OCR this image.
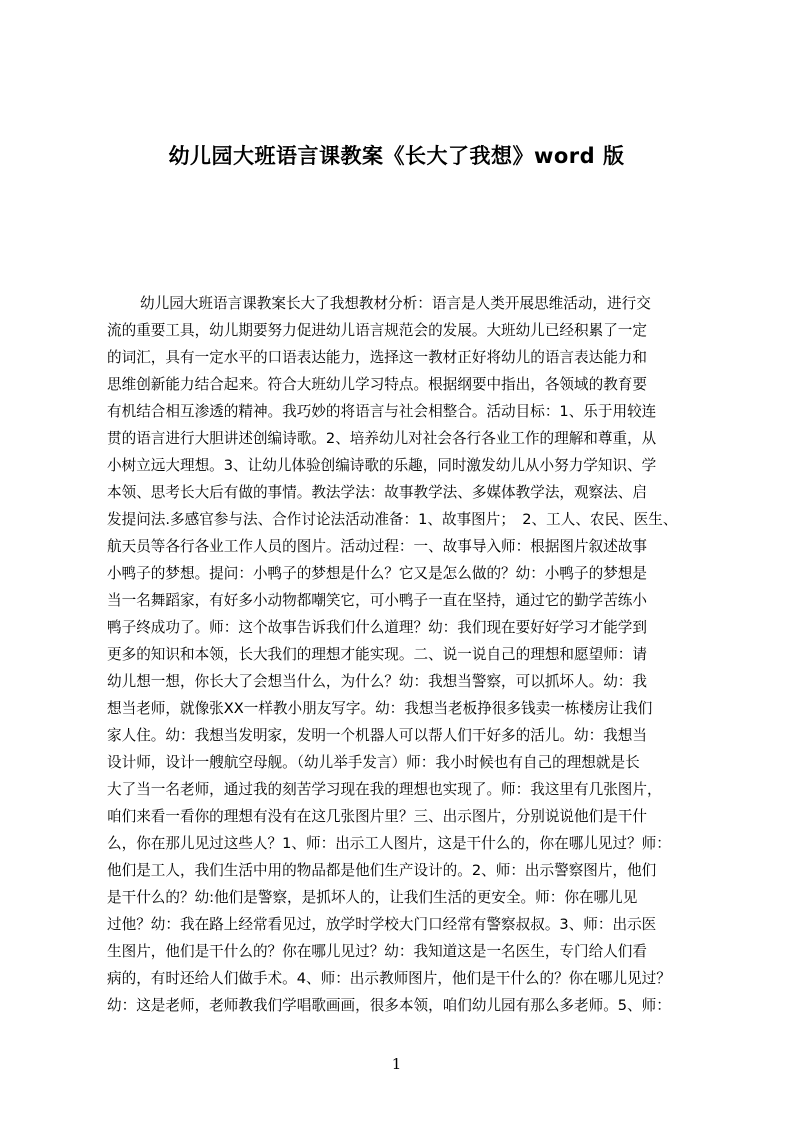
幼儿园大班语言课教案《长大了我想》word 版
幼儿园大班语言课教案长大了我想教材分析：语言是人类开展思维活动，进行交
流的重要工具，幼儿期要努力促进幼儿语言规范会的发展。大班幼儿已经积累了一定
的词汇，具有一定水平的口语表达能力，选择这一教材正好将幼儿的语言表达能力和
思维创新能力结合起来。符合大班幼儿学习特点。根据纲要中指出，各领域的教育要
有机结合相互渗透的精神。我巧妙的将语言与社会相整合。活动目标：1、乐于用较连
贯的语言进行大胆讲述创编诗歌。2、培养幼儿对社会各行各业工作的理解和尊重，从
小树立远大理想。3、让幼儿体验创编诗歌的乐趣，同时激发幼儿从小努力学知识、学
本领、思考长大后有做的事情。教法学法：故事教学法、多媒体教学法，观察法、启
发提问法.多感官参与法、合作讨论法活动准备：1、故事图片；　2、工人、农民、医生、
航天员等各行各业工作人员的图片。活动过程：一、故事导入师：根据图片叙述故事
小鸭子的梦想。提问：小鸭子的梦想是什么？它又是怎么做的？幼：小鸭子的梦想是
当一名舞蹈家，有好多小动物都嘲笑它，可小鸭子一直在坚持，通过它的勤学苦练小
鸭子终成功了。师：这个故事告诉我们什么道理？幼：我们现在要好好学习才能学到
更多的知识和本领，长大我们的理想才能实现。二、说一说自己的理想和愿望师：请
幼儿想一想，你长大了会想当什么，为什么？幼：我想当警察，可以抓坏人。幼：我
想当老师，就像张XX一样教小朋友写字。幼：我想当老板挣很多钱卖一栋楼房让我们
家人住。幼：我想当发明家，发明一个机器人可以帮人们干好多的活儿。幼：我想当
设计师，设计一艘航空母舰。（幼儿举手发言）师：我小时候也有自己的理想就是长
大了当一名老师，通过我的刻苦学习现在我的理想也实现了。师：我这里有几张图片，
咱们来看一看你的理想有没有在这几张图片里？三、出示图片，分别说说他们是干什
么，你在那儿见过这些人？1、师：出示工人图片，这是干什么的，你在哪儿见过？师：
他们是工人，我们生活中用的物品都是他们生产设计的。2、师：出示警察图片，他们
是干什么的？幼:他们是警察，是抓坏人的，让我们生活的更安全。师：你在哪儿见
过他？幼：我在路上经常看见过，放学时学校大门口经常有警察叔叔。3、师：出示医
生图片，他们是干什么的？你在哪儿见过？幼：我知道这是一名医生，专门给人们看
病的，有时还给人们做手术。4、师：出示教师图片，他们是干什么的？你在哪儿见过？
幼：这是老师，老师教我们学唱歌画画，很多本领，咱们幼儿园有那么多老师。5、师：
1
